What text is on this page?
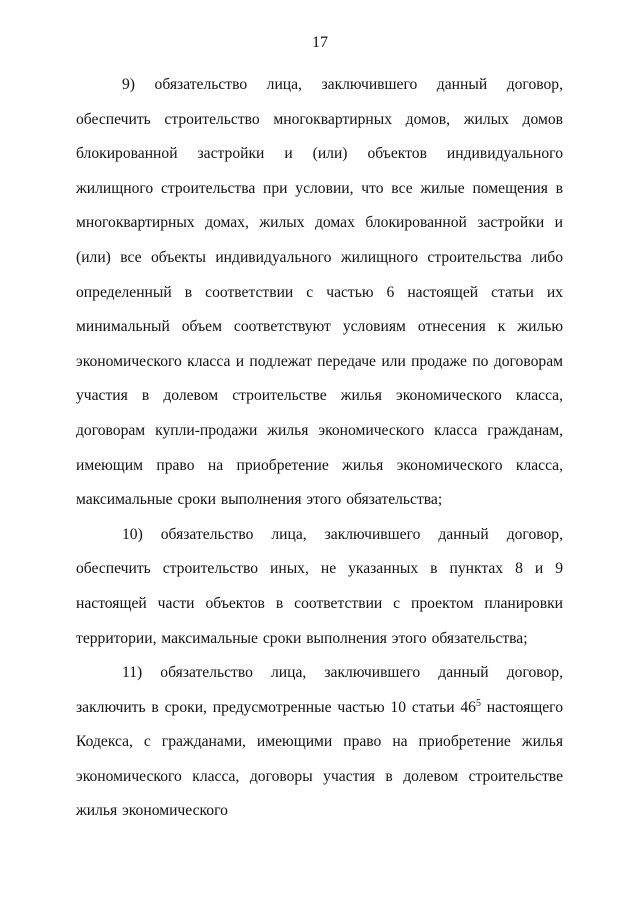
17

9) обязательство лица, заключившего данный договор, обеспечить строительство многоквартирных домов, жилых домов блокированной застройки и (или) объектов индивидуального жилищного строительства при условии, что все жилые помещения в многоквартирных домах, жилых домах блокированной застройки и (или) все объекты индивидуального жилищного строительства либо определенный в соответствии с частью 6 настоящей статьи их минимальный объем соответствуют условиям отнесения к жилью экономического класса и подлежат передаче или продаже по договорам участия в долевом строительстве жилья экономического класса, договорам купли-продажи жилья экономического класса гражданам, имеющим право на приобретение жилья экономического класса, максимальные сроки выполнения этого обязательства;

10) обязательство лица, заключившего данный договор, обеспечить строительство иных, не указанных в пунктах 8 и 9 настоящей части объектов в соответствии с проектом планировки территории, максимальные сроки выполнения этого обязательства;

11) обязательство лица, заключившего данный договор, заключить в сроки, предусмотренные частью 10 статьи $46^5$ настоящего Кодекса, с гражданами, имеющими право на приобретение жилья экономического класса, договоры участия в долевом строительстве жилья экономического
